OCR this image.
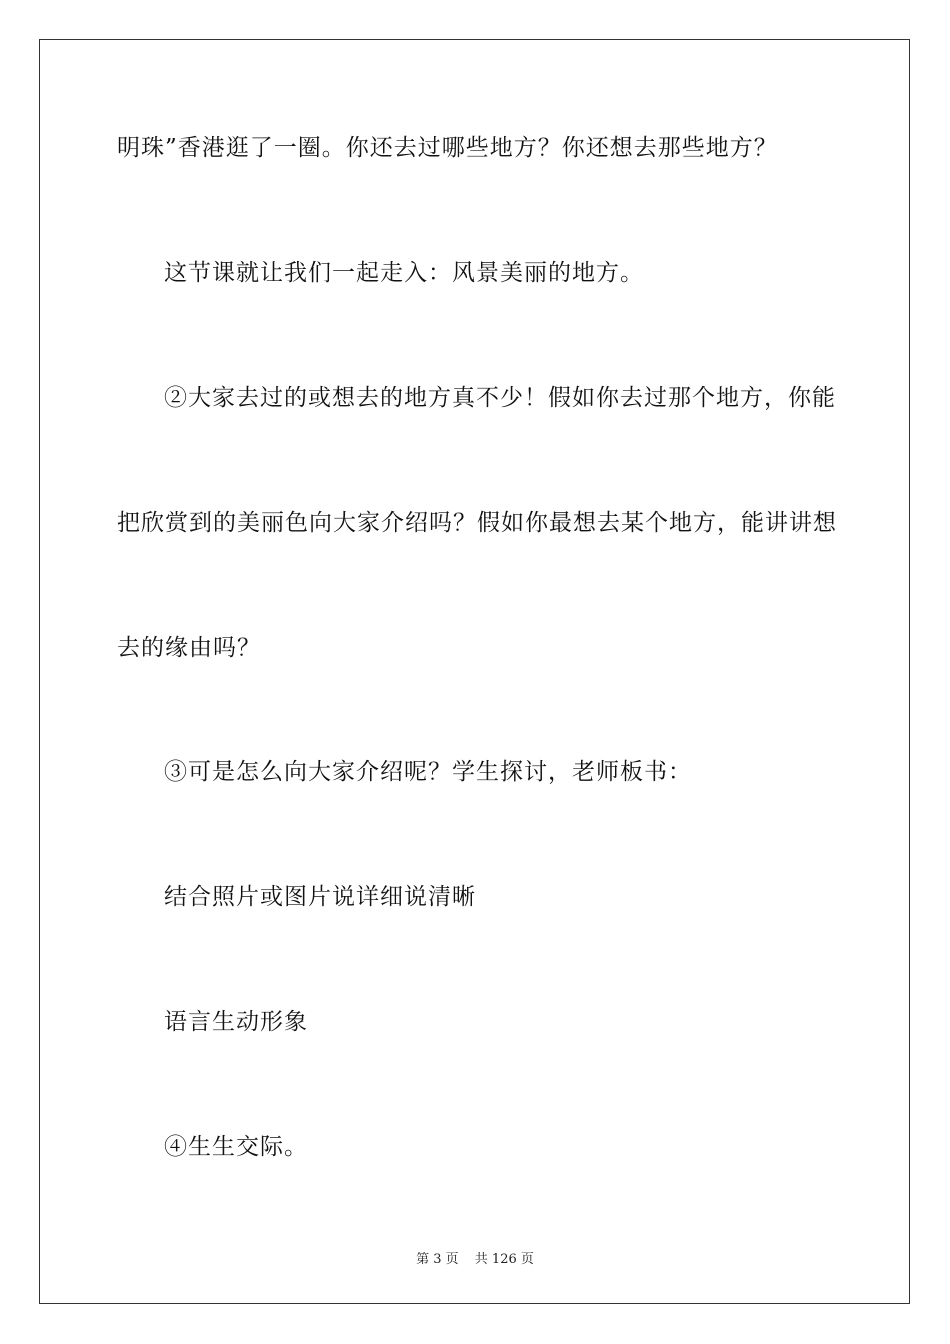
明珠”香港逛了一圈。你还去过哪些地方？你还想去那些地方？
这节课就让我们一起走入：风景美丽的地方。
②大家去过的或想去的地方真不少！假如你去过那个地方，你能
把欣赏到的美丽色向大家介绍吗？假如你最想去某个地方，能讲讲想
去的缘由吗？
③可是怎么向大家介绍呢？学生探讨，老师板书：
结合照片或图片说详细说清晰
语言生动形象
④生生交际。
第 3 页 共 126 页
